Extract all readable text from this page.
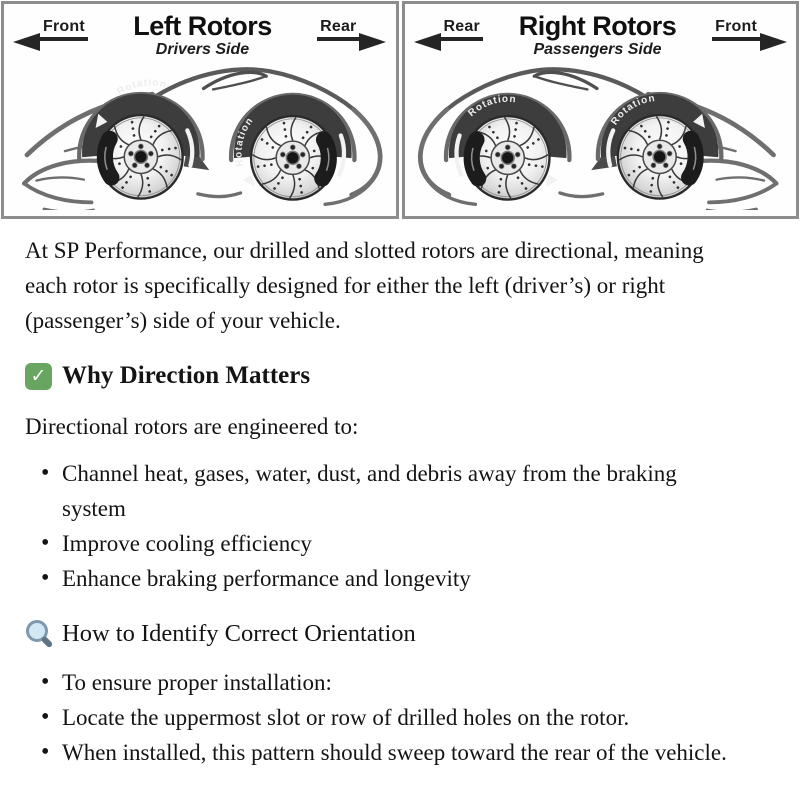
Front Left Rotors
Drivers Side
Rear
Rotation
Rotation
Rear Right Rotors
Passengers Side
Front
Rotation
Rotation

At SP Performance, our drilled and slotted rotors are directional, meaning each rotor is specifically designed for either the left (driver’s) or right (passenger’s) side of your vehicle.

✓
Why Direction Matters

Directional rotors are engineered to:

• Channel heat, gases, water, dust, and debris away from the braking system
• Improve cooling efficiency
• Enhance braking performance and longevity
How to Identify Correct Orientation
• To ensure proper installation:
• Locate the uppermost slot or row of drilled holes on the rotor.
• When installed, this pattern should sweep toward the rear of the vehicle.
